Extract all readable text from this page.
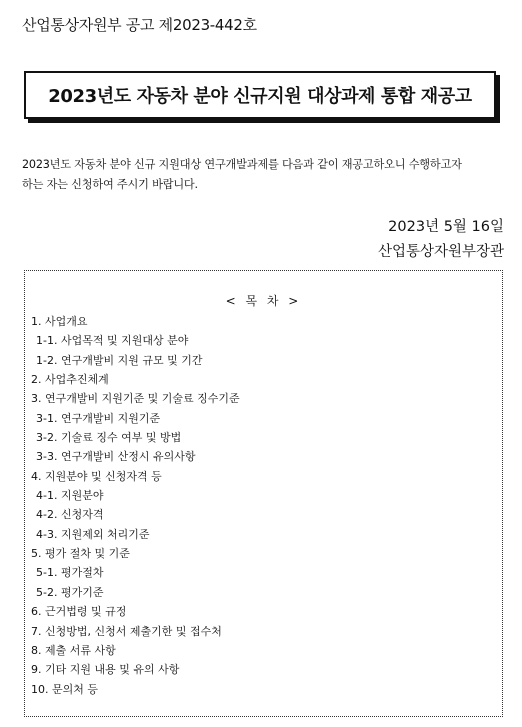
산업통상자원부 공고 제2023-442호
2023년도 자동차 분야 신규지원 대상과제 통합 재공고
2023년도 자동차 분야 신규 지원대상 연구개발과제를 다음과 같이 재공고하오니 수행하고자
하는 자는 신청하여 주시기 바랍니다.
2023년 5월 16일
산업통상자원부장관
< 목 차 >
1. 사업개요
1-1. 사업목적 및 지원대상 분야
1-2. 연구개발비 지원 규모 및 기간
2. 사업추진체계
3. 연구개발비 지원기준 및 기술료 징수기준
3-1. 연구개발비 지원기준
3-2. 기술료 징수 여부 및 방법
3-3. 연구개발비 산정시 유의사항
4. 지원분야 및 신청자격 등
4-1. 지원분야
4-2. 신청자격
4-3. 지원제외 처리기준
5. 평가 절차 및 기준
5-1. 평가절차
5-2. 평가기준
6. 근거법령 및 규정
7. 신청방법, 신청서 제출기한 및 접수처
8. 제출 서류 사항
9. 기타 지원 내용 및 유의 사항
10. 문의처 등
